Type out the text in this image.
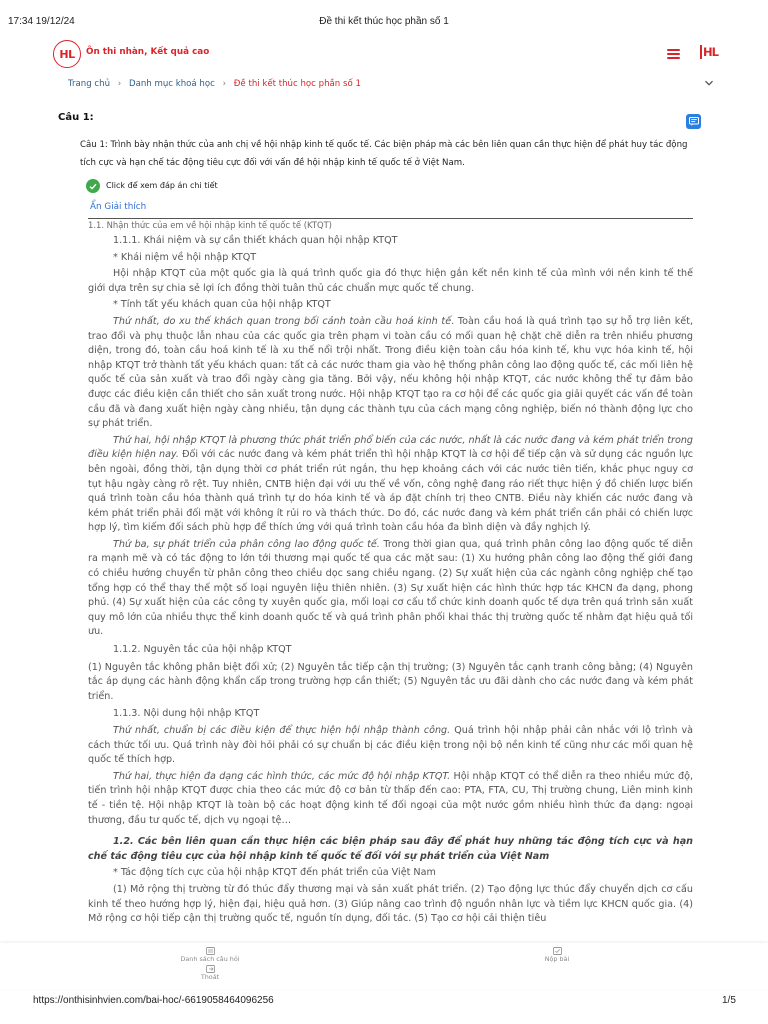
17:34 19/12/24	Đề thi kết thúc học phần số 1
HL Ôn thi nhàn, Kết quả cao	HL
Trang chủ › Danh mục khoá học › Đề thi kết thúc học phần số 1
Câu 1:
Câu 1: Trình bày nhận thức của anh chị về hội nhập kinh tế quốc tế. Các biện pháp mà các bên liên quan cần thực hiện để phát huy tác động tích cực và hạn chế tác động tiêu cực đối với vấn đề hội nhập kinh tế quốc tế ở Việt Nam.
Click để xem đáp án chi tiết
Ẩn Giải thích

1.1. Nhận thức của em về hội nhập kinh tế quốc tế (KTQT)

1.1.1. Khái niệm và sự cần thiết khách quan hội nhập KTQT

* Khái niệm về hội nhập KTQT

Hội nhập KTQT của một quốc gia là quá trình quốc gia đó thực hiện gắn kết nền kinh tế của mình với nền kinh tế thế giới dựa trên sự chia sẻ lợi ích đồng thời tuân thủ các chuẩn mực quốc tế chung.

* Tính tất yếu khách quan của hội nhập KTQT

Thứ nhất, do xu thế khách quan trong bối cảnh toàn cầu hoá kinh tế. Toàn cầu hoá là quá trình tạo sự hỗ trợ liên kết, trao đổi và phụ thuộc lẫn nhau của các quốc gia trên phạm vi toàn cầu có mối quan hệ chặt chẽ diễn ra trên nhiều phương diện, trong đó, toàn cầu hoá kinh tế là xu thế nổi trội nhất. Trong điều kiện toàn cầu hóa kinh tế, khu vực hóa kinh tế, hội nhập KTQT trở thành tất yếu khách quan: tất cả các nước tham gia vào hệ thống phân công lao động quốc tế, các mối liên hệ quốc tế của sản xuất và trao đổi ngày càng gia tăng. Bởi vậy, nếu không hội nhập KTQT, các nước không thể tự đảm bảo được các điều kiện cần thiết cho sản xuất trong nước. Hội nhập KTQT tạo ra cơ hội để các quốc gia giải quyết các vấn đề toàn cầu đã và đang xuất hiện ngày càng nhiều, tận dụng các thành tựu của cách mạng công nghiệp, biến nó thành động lực cho sự phát triển.

Thứ hai, hội nhập KTQT là phương thức phát triển phổ biến của các nước, nhất là các nước đang và kém phát triển trong điều kiện hiện nay. Đối với các nước đang và kém phát triển thì hội nhập KTQT là cơ hội để tiếp cận và sử dụng các nguồn lực bên ngoài, đồng thời, tận dụng thời cơ phát triển rút ngắn, thu hẹp khoảng cách với các nước tiên tiến, khắc phục nguy cơ tụt hậu ngày càng rõ rệt. Tuy nhiên, CNTB hiện đại với ưu thế về vốn, công nghệ đang ráo riết thực hiện ý đồ chiến lược biến quá trình toàn cầu hóa thành quá trình tự do hóa kinh tế và áp đặt chính trị theo CNTB. Điều này khiến các nước đang và kém phát triển phải đối mặt với không ít rủi ro và thách thức. Do đó, các nước đang và kém phát triển cần phải có chiến lược hợp lý, tìm kiếm đối sách phù hợp để thích ứng với quá trình toàn cầu hóa đa bình diện và đầy nghịch lý.

Thứ ba, sự phát triển của phân công lao động quốc tế. Trong thời gian qua, quá trình phân công lao động quốc tế diễn ra mạnh mẽ và có tác động to lớn tới thương mại quốc tế qua các mặt sau: (1) Xu hướng phân công lao động thế giới đang có chiều hướng chuyển từ phân công theo chiều dọc sang chiều ngang. (2) Sự xuất hiện của các ngành công nghiệp chế tạo tổng hợp có thể thay thế một số loại nguyên liệu thiên nhiên. (3) Sự xuất hiện các hình thức hợp tác KHCN đa dạng, phong phú. (4) Sự xuất hiện của các công ty xuyên quốc gia, mối loại cơ cấu tổ chức kinh doanh quốc tế dựa trên quá trình sản xuất quy mô lớn của nhiều thực thể kinh doanh quốc tế và quá trình phân phối khai thác thị trường quốc tế nhằm đạt hiệu quả tối ưu.

1.1.2. Nguyên tắc của hội nhập KTQT

(1) Nguyên tắc không phân biệt đối xử; (2) Nguyên tắc tiếp cận thị trường; (3) Nguyên tắc cạnh tranh công bằng; (4) Nguyên tắc áp dụng các hành động khẩn cấp trong trường hợp cần thiết; (5) Nguyên tắc ưu đãi dành cho các nước đang và kém phát triển.

1.1.3. Nội dung hội nhập KTQT

Thứ nhất, chuẩn bị các điều kiện để thực hiện hội nhập thành công. Quá trình hội nhập phải cân nhắc với lộ trình và cách thức tối ưu. Quá trình này đòi hỏi phải có sự chuẩn bị các điều kiện trong nội bộ nền kinh tế cũng như các mối quan hệ quốc tế thích hợp.

Thứ hai, thực hiện đa dạng các hình thức, các mức độ hội nhập KTQT. Hội nhập KTQT có thể diễn ra theo nhiều mức độ, tiến trình hội nhập KTQT được chia theo các mức độ cơ bản từ thấp đến cao: PTA, FTA, CU, Thị trường chung, Liên minh kinh tế - tiền tệ. Hội nhập KTQT là toàn bộ các hoạt động kinh tế đối ngoại của một nước gồm nhiều hình thức đa dạng: ngoại thương, đầu tư quốc tế, dịch vụ ngoại tệ…

1.2. Các bên liên quan cần thực hiện các biện pháp sau đây để phát huy những tác động tích cực và hạn chế tác động tiêu cực của hội nhập kinh tế quốc tế đối với sự phát triển của Việt Nam

* Tác động tích cực của hội nhập KTQT đến phát triển của Việt Nam

(1) Mở rộng thị trường từ đó thúc đẩy thương mại và sản xuất phát triển. (2) Tạo động lực thúc đẩy chuyển dịch cơ cấu kinh tế theo hướng hợp lý, hiện đại, hiệu quả hơn. (3) Giúp nâng cao trình độ nguồn nhân lực và tiềm lực KHCN quốc gia. (4) Mở rộng cơ hội tiếp cận thị trường quốc tế, nguồn tín dụng, đối tác. (5) Tạo cơ hội cải thiện tiêu

Danh sách câu hỏi
Thoát
Nộp bài
https://onthisinhvien.com/bai-hoc/-6619058464096256	1/5
